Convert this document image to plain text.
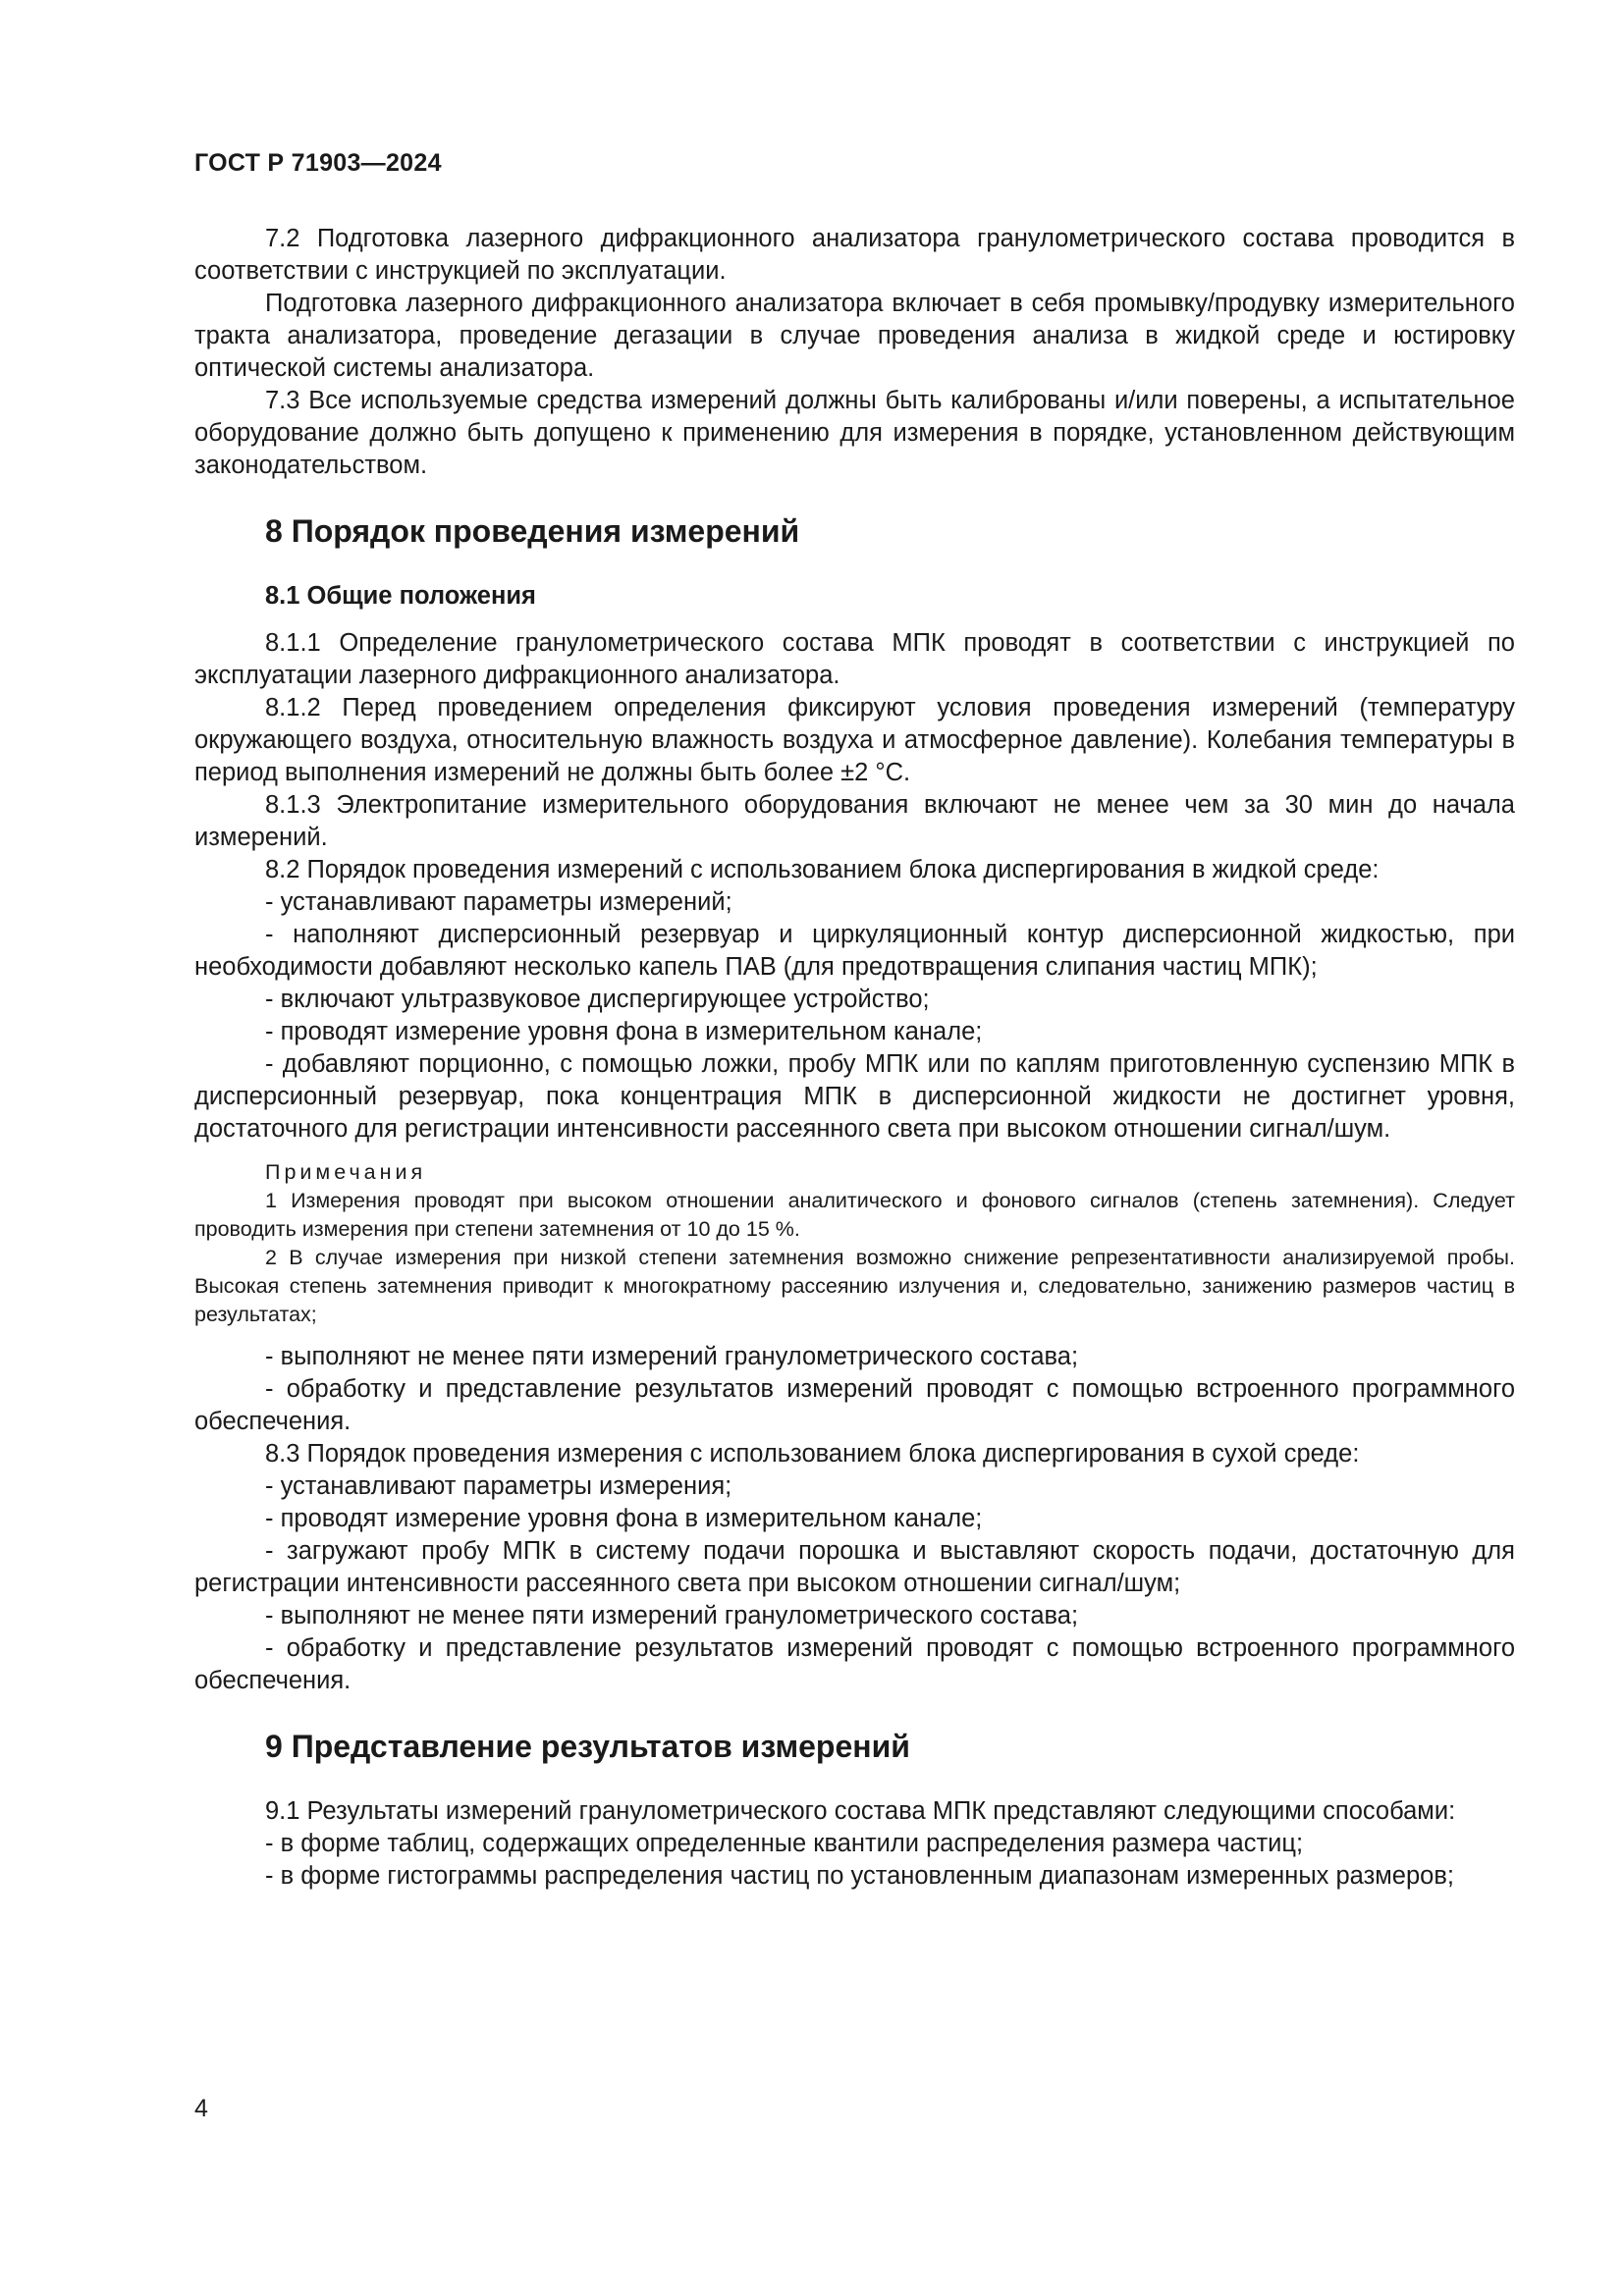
ГОСТ Р 71903—2024

7.2 Подготовка лазерного дифракционного анализатора гранулометрического состава проводится в соответствии с инструкцией по эксплуатации.

Подготовка лазерного дифракционного анализатора включает в себя промывку/продувку измерительного тракта анализатора, проведение дегазации в случае проведения анализа в жидкой среде и юстировку оптической системы анализатора.

7.3 Все используемые средства измерений должны быть калиброваны и/или поверены, а испытательное оборудование должно быть допущено к применению для измерения в порядке, установленном действующим законодательством.

8 Порядок проведения измерений
8.1 Общие положения

8.1.1 Определение гранулометрического состава МПК проводят в соответствии с инструкцией по эксплуатации лазерного дифракционного анализатора.

8.1.2 Перед проведением определения фиксируют условия проведения измерений (температуру окружающего воздуха, относительную влажность воздуха и атмосферное давление). Колебания температуры в период выполнения измерений не должны быть более ±2 °С.

8.1.3 Электропитание измерительного оборудования включают не менее чем за 30 мин до начала измерений.

8.2 Порядок проведения измерений с использованием блока диспергирования в жидкой среде:

- устанавливают параметры измерений;

- наполняют дисперсионный резервуар и циркуляционный контур дисперсионной жидкостью, при необходимости добавляют несколько капель ПАВ (для предотвращения слипания частиц МПК);

- включают ультразвуковое диспергирующее устройство;

- проводят измерение уровня фона в измерительном канале;

- добавляют порционно, с помощью ложки, пробу МПК или по каплям приготовленную суспензию МПК в дисперсионный резервуар, пока концентрация МПК в дисперсионной жидкости не достигнет уровня, достаточного для регистрации интенсивности рассеянного света при высоком отношении сигнал/шум.

Примечания

1 Измерения проводят при высоком отношении аналитического и фонового сигналов (степень затемнения). Следует проводить измерения при степени затемнения от 10 до 15 %.

2 В случае измерения при низкой степени затемнения возможно снижение репрезентативности анализируемой пробы. Высокая степень затемнения приводит к многократному рассеянию излучения и, следовательно, занижению размеров частиц в результатах;

- выполняют не менее пяти измерений гранулометрического состава;

- обработку и представление результатов измерений проводят с помощью встроенного программного обеспечения.

8.3 Порядок проведения измерения с использованием блока диспергирования в сухой среде:

- устанавливают параметры измерения;

- проводят измерение уровня фона в измерительном канале;

- загружают пробу МПК в систему подачи порошка и выставляют скорость подачи, достаточную для регистрации интенсивности рассеянного света при высоком отношении сигнал/шум;

- выполняют не менее пяти измерений гранулометрического состава;

- обработку и представление результатов измерений проводят с помощью встроенного программного обеспечения.

9 Представление результатов измерений

9.1 Результаты измерений гранулометрического состава МПК представляют следующими способами:

- в форме таблиц, содержащих определенные квантили распределения размера частиц;

- в форме гистограммы распределения частиц по установленным диапазонам измеренных размеров;

4
